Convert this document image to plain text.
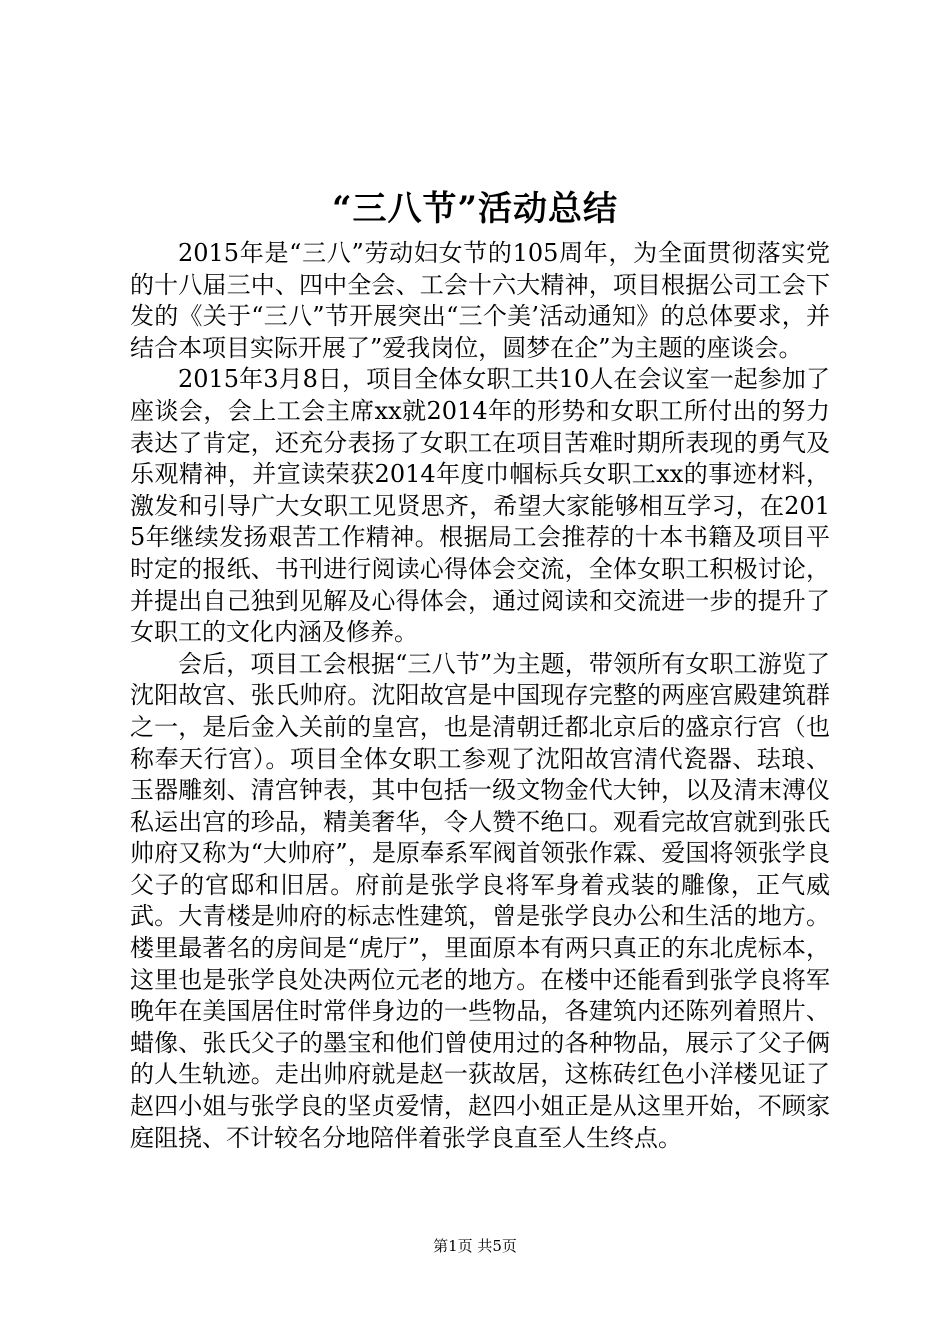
“三八节”活动总结

2015年是“三八”劳动妇女节的105周年，为全面贯彻落实党的十八届三中、四中全会、工会十六大精神，项目根据公司工会下发的《关于“三八”节开展突出“三个美’活动通知》的总体要求，并结合本项目实际开展了”爱我岗位，圆梦在企”为主题的座谈会。

2015年3月8日，项目全体女职工共10人在会议室一起参加了座谈会，会上工会主席xx就2014年的形势和女职工所付出的努力表达了肯定，还充分表扬了女职工在项目苦难时期所表现的勇气及乐观精神，并宣读荣获2014年度巾帼标兵女职工xx的事迹材料，激发和引导广大女职工见贤思齐，希望大家能够相互学习，在2015年继续发扬艰苦工作精神。根据局工会推荐的十本书籍及项目平时定的报纸、书刊进行阅读心得体会交流，全体女职工积极讨论，并提出自己独到见解及心得体会，通过阅读和交流进一步的提升了女职工的文化内涵及修养。

会后，项目工会根据“三八节”为主题，带领所有女职工游览了沈阳故宫、张氏帅府。沈阳故宫是中国现存完整的两座宫殿建筑群之一，是后金入关前的皇宫，也是清朝迁都北京后的盛京行宫（也称奉天行宫）。项目全体女职工参观了沈阳故宫清代瓷器、珐琅、玉器雕刻、清宫钟表，其中包括一级文物金代大钟，以及清末溥仪私运出宫的珍品，精美奢华，令人赞不绝口。观看完故宫就到张氏帅府又称为“大帅府”，是原奉系军阀首领张作霖、爱国将领张学良父子的官邸和旧居。府前是张学良将军身着戎装的雕像，正气威武。大青楼是帅府的标志性建筑，曾是张学良办公和生活的地方。楼里最著名的房间是“虎厅”，里面原本有两只真正的东北虎标本，这里也是张学良处决两位元老的地方。在楼中还能看到张学良将军晚年在美国居住时常伴身边的一些物品，各建筑内还陈列着照片、蜡像、张氏父子的墨宝和他们曾使用过的各种物品，展示了父子俩的人生轨迹。走出帅府就是赵一荻故居，这栋砖红色小洋楼见证了赵四小姐与张学良的坚贞爱情，赵四小姐正是从这里开始，不顾家庭阻挠、不计较名分地陪伴着张学良直至人生终点。

第1页 共5页
